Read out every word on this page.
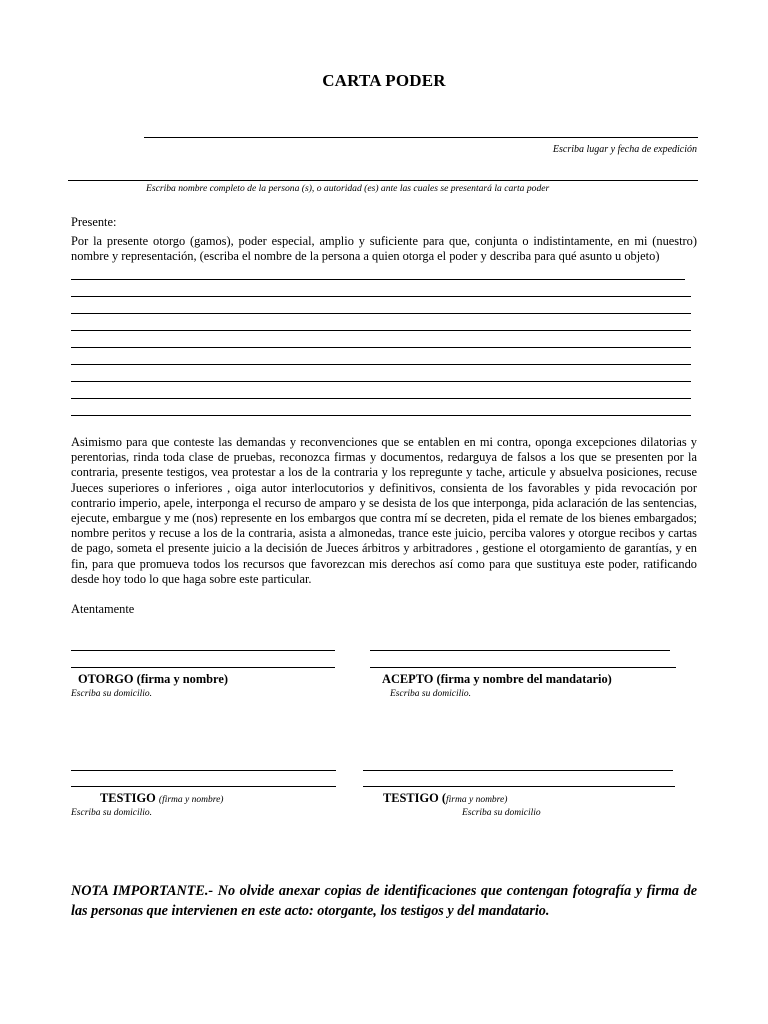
CARTA PODER
Escriba lugar y fecha de expedición
Escriba nombre completo de la persona (s), o autoridad (es) ante las cuales se presentará la carta poder
Presente:
Por la presente otorgo (gamos), poder especial, amplio y suficiente para que, conjunta o indistintamente, en mi (nuestro) nombre y representación, (escriba el nombre de la persona a quien otorga el poder y describa para qué asunto u objeto)
Asimismo para que conteste las demandas y reconvenciones que se entablen en mi contra, oponga excepciones dilatorias y perentorias, rinda toda clase de pruebas, reconozca firmas y documentos, redarguya de falsos a los que se presenten por la contraria, presente testigos, vea protestar a los de la contraria y los repregunte y tache, articule y absuelva posiciones, recuse Jueces superiores o inferiores , oiga autor interlocutorios y definitivos, consienta de los favorables y pida revocación por contrario imperio, apele, interponga el recurso de amparo y se desista de los que interponga, pida aclaración de las sentencias, ejecute, embargue y me (nos) represente en los embargos que contra mí se decreten, pida el remate de los bienes embargados; nombre peritos y recuse a los de la contraria, asista a almonedas, trance este juicio, perciba valores y otorgue recibos y cartas de pago, someta el presente juicio a la decisión de Jueces árbitros y arbitradores , gestione el otorgamiento de garantías, y en fin, para que promueva todos los recursos que favorezcan mis derechos así como para que sustituya este poder, ratificando desde hoy todo lo que haga sobre este particular.
Atentamente
OTORGO (firma y nombre)
Escriba su domicilio.
ACEPTO (firma y nombre del mandatario)
Escriba su domicilio.
TESTIGO (firma y nombre)
Escriba su domicilio.
TESTIGO (firma y nombre)
Escriba su domicilio
NOTA IMPORTANTE.- No olvide anexar copias de identificaciones que contengan fotografía y firma de las personas que intervienen en este acto: otorgante, los testigos y del mandatario.
